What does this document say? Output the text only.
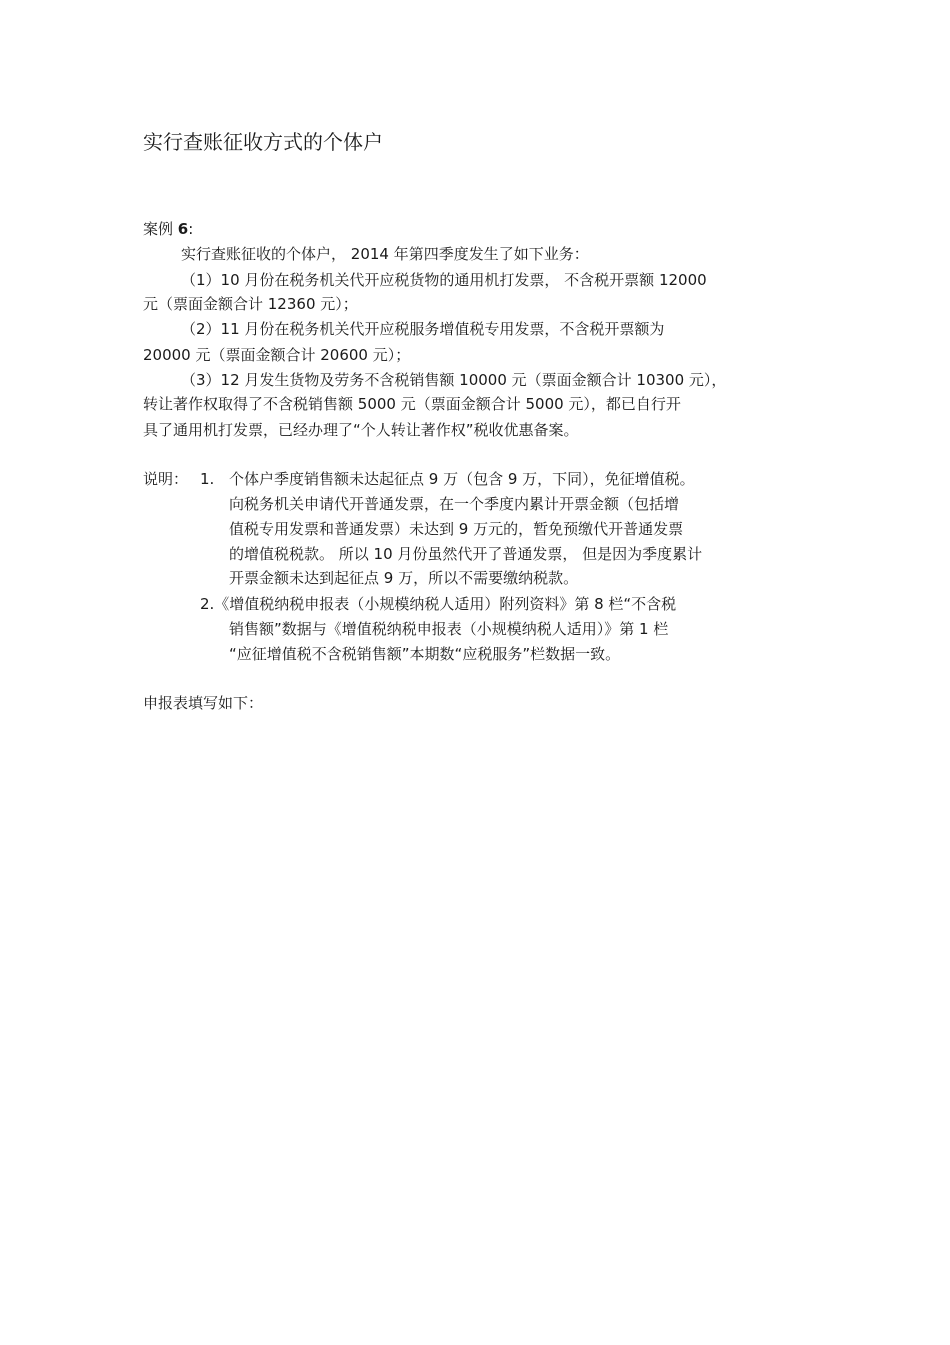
实行查账征收方式的个体户
案例 6:
实行查账征收的个体户， 2014 年第四季度发生了如下业务：
（1）10 月份在税务机关代开应税货物的通用机打发票， 不含税开票额 12000
元（票面金额合计 12360 元）；
（2）11 月份在税务机关代开应税服务增值税专用发票，不含税开票额为
20000 元（票面金额合计 20600 元）；
（3）12 月发生货物及劳务不含税销售额 10000 元（票面金额合计 10300 元），
转让著作权取得了不含税销售额 5000 元（票面金额合计 5000 元），都已自行开
具了通用机打发票，已经办理了“个人转让著作权”税收优惠备案。
说明： 1. 个体户季度销售额未达起征点 9 万（包含 9 万，下同），免征增值税。
向税务机关申请代开普通发票，在一个季度内累计开票金额（包括增
值税专用发票和普通发票）未达到 9 万元的，暂免预缴代开普通发票
的增值税税款。 所以 10 月份虽然代开了普通发票， 但是因为季度累计
开票金额未达到起征点 9 万，所以不需要缴纳税款。
2.《增值税纳税申报表（小规模纳税人适用）附列资料》第 8 栏“不含税
销售额”数据与《增值税纳税申报表（小规模纳税人适用）》第 1 栏
“应征增值税不含税销售额”本期数“应税服务”栏数据一致。
申报表填写如下：
